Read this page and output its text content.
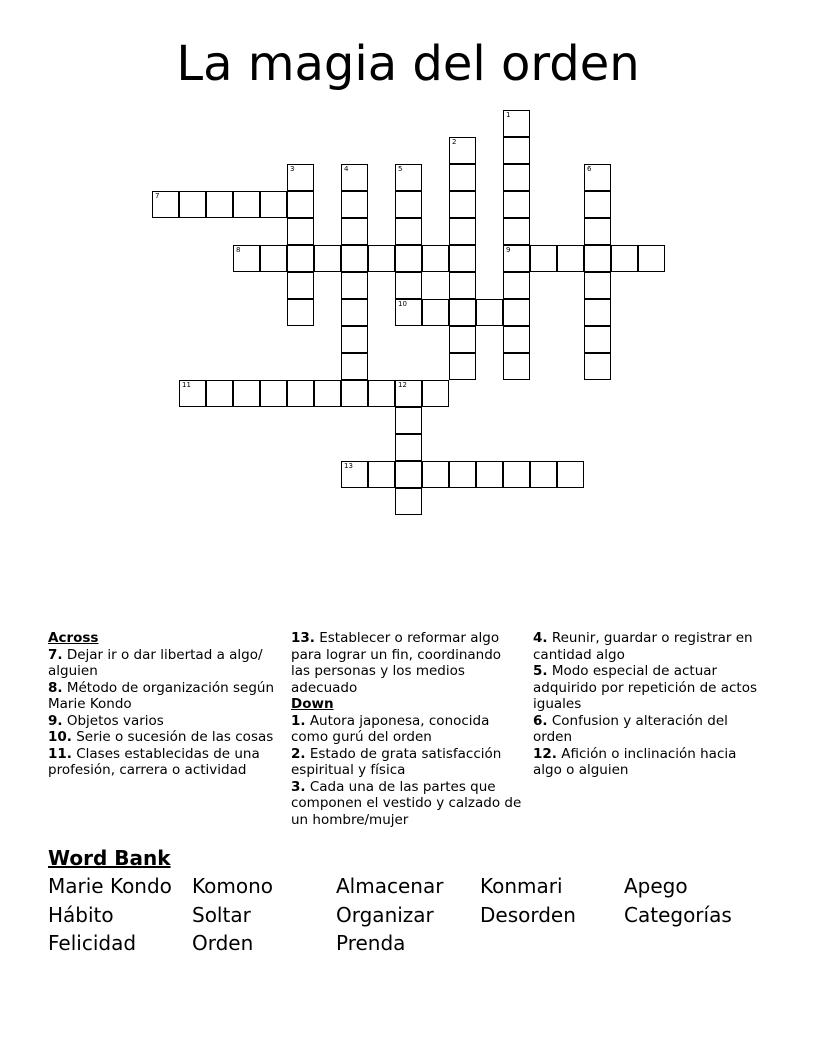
La magia del orden
1
9
2
3	4	5
10
6
7
8
11	12
13

Across

7. Dejar ir o dar libertad a algo/ alguien

8. Método de organización según Marie Kondo

9. Objetos varios

10. Serie o sucesión de las cosas

11. Clases establecidas de una profesión, carrera o actividad

13. Establecer o reformar algo para lograr un fin, coordinando las personas y los medios adecuado

Down

1. Autora japonesa, conocida como gurú del orden

2. Estado de grata satisfacción espiritual y física

3. Cada una de las partes que componen el vestido y calzado de un hombre/mujer

4. Reunir, guardar o registrar en cantidad algo

5. Modo especial de actuar adquirido por repetición de actos iguales

6. Confusion y alteración del orden

12. Afición o inclinación hacia algo o alguien

Word Bank
Marie Kondo	Komono	Almacenar	Konmari	Apego
Hábito	Soltar	Organizar	Desorden	Categorías
Felicidad	Orden	Prenda
